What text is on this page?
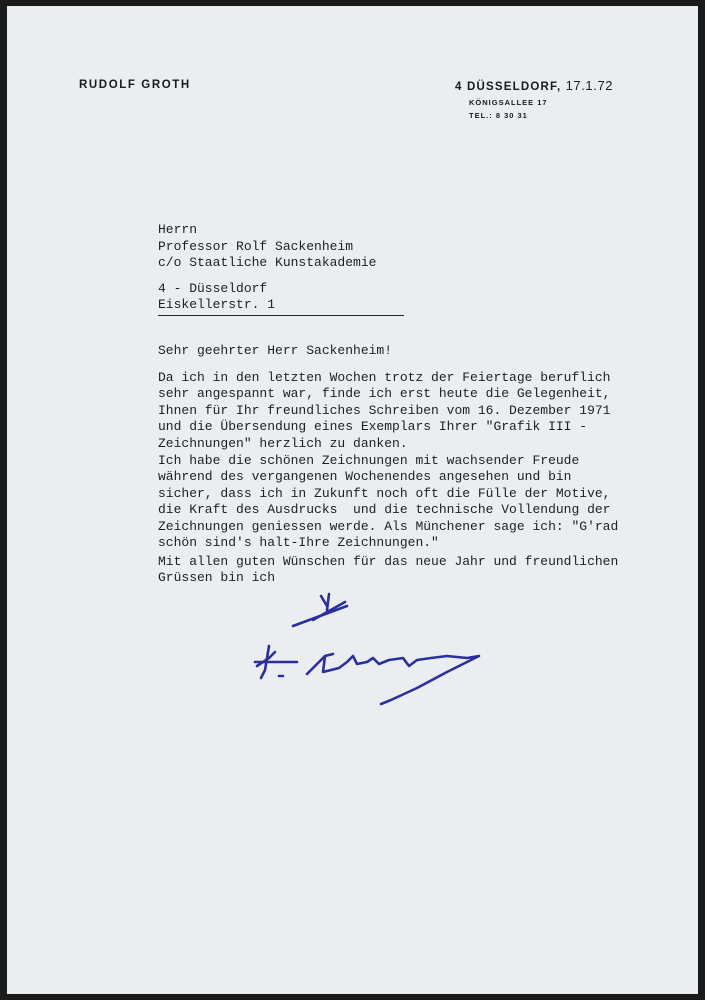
RUDOLF GROTH	4 DÜSSELDORF, 17.1.72
KÖNIGSALLEE 17
TEL.: 8 30 31
Herrn
Professor Rolf Sackenheim
c/o Staatliche Kunstakademie
4 - Düsseldorf
Eiskellerstr. 1
Sehr geehrter Herr Sackenheim!
Da ich in den letzten Wochen trotz der Feiertage beruflich
sehr angespannt war, finde ich erst heute die Gelegenheit,
Ihnen für Ihr freundliches Schreiben vom 16. Dezember 1971
und die Übersendung eines Exemplars Ihrer "Grafik III -
Zeichnungen" herzlich zu danken.
Ich habe die schönen Zeichnungen mit wachsender Freude
während des vergangenen Wochenendes angesehen und bin
sicher, dass ich in Zukunft noch oft die Fülle der Motive,
die Kraft des Ausdrucks  und die technische Vollendung der
Zeichnungen geniessen werde. Als Münchener sage ich: "G'rad
schön sind's halt-Ihre Zeichnungen."
Mit allen guten Wünschen für das neue Jahr und freundlichen
Grüssen bin ich
